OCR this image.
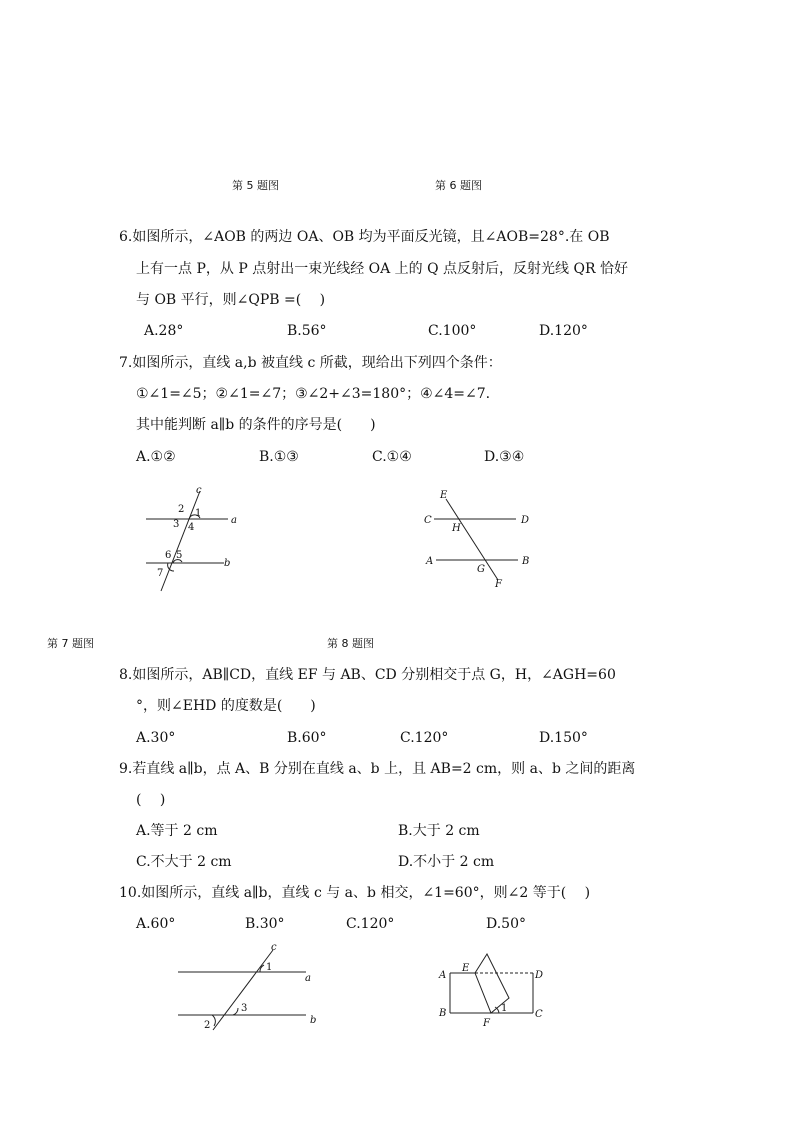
第 5 题图	第 6 题图
6.如图所示，∠AOB 的两边 OA、OB 均为平面反光镜，且∠AOB=28°.在 OB
上有一点 P，从 P 点射出一束光线经 OA 上的 Q 点反射后，反射光线 QR 恰好
与 OB 平行，则∠QPB =(　 )
A.28°	B.56°	C.100°	D.120°
7.如图所示，直线 a,b 被直线 c 所截，现给出下列四个条件：
①∠1=∠5；②∠1=∠7；③∠2+∠3=180°；④∠4=∠7.
其中能判断 a∥b 的条件的序号是(　　)
A.①②	B.①③	C.①④	D.③④
c
a
b
2 1
3 4
6 5
7
E
C
H
D
A
G
B
F
第 7 题图	第 8 题图
8.如图所示，AB∥CD，直线 EF 与 AB、CD 分别相交于点 G，H，∠AGH=60
°，则∠EHD 的度数是(　　)
A.30°	B.60°	C.120°	D.150°
9.若直线 a∥b，点 A、B 分别在直线 a、b 上，且 AB=2 cm，则 a、b 之间的距离
(　 )
A.等于 2 cm	B.大于 2 cm
C.不大于 2 cm	D.不小于 2 cm
10.如图所示，直线 a∥b，直线 c 与 a、b 相交，∠1=60°，则∠2 等于(　 )
A.60°	B.30°	C.120°	D.50°
c
a
b
1
3
2
A
E
D
B
F
C
1
